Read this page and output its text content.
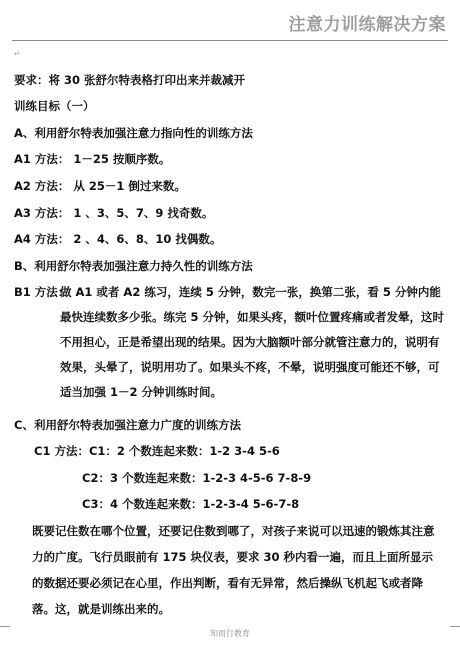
注意力训练解决方案
↵
要求：将 30 张舒尔特表格打印出来并裁减开
训练目标（一）
A、利用舒尔特表加强注意力指向性的训练方法
A1 方法： 1－25 按顺序数。
A2 方法： 从 25－1 倒过来数。
A3 方法： 1 、3、5、7、9 找奇数。
A4 方法： 2 、4、6、8、10 找偶数。
B、利用舒尔特表加强注意力持久性的训练方法
B1 方法：
做 A1 或者 A2 练习，连续 5 分钟，数完一张，换第二张，看 5 分钟内能最快连续数多少张。练完 5 分钟，如果头疼，额叶位置疼痛或者发晕，这时不用担心，正是希望出现的结果。因为大脑额叶部分就管注意力的，说明有效果，头晕了，说明用功了。如果头不疼，不晕，说明强度可能还不够，可适当加强 1－2 分钟训练时间。
C、利用舒尔特表加强注意力广度的训练方法
C1 方法：C1：2 个数连起来数：1-2 3-4 5-6
C2：3 个数连起来数：1-2-3 4-5-6 7-8-9
C3：4 个数连起来数：1-2-3-4 5-6-7-8
既要记住数在哪个位置，还要记住数到哪了，对孩子来说可以迅速的锻炼其注意力的广度。飞行员眼前有 175 块仪表，要求 30 秒内看一遍，而且上面所显示的数据还要必须记在心里，作出判断，看有无异常，然后操纵飞机起飞或者降落。这，就是训练出来的。
知而行教育
